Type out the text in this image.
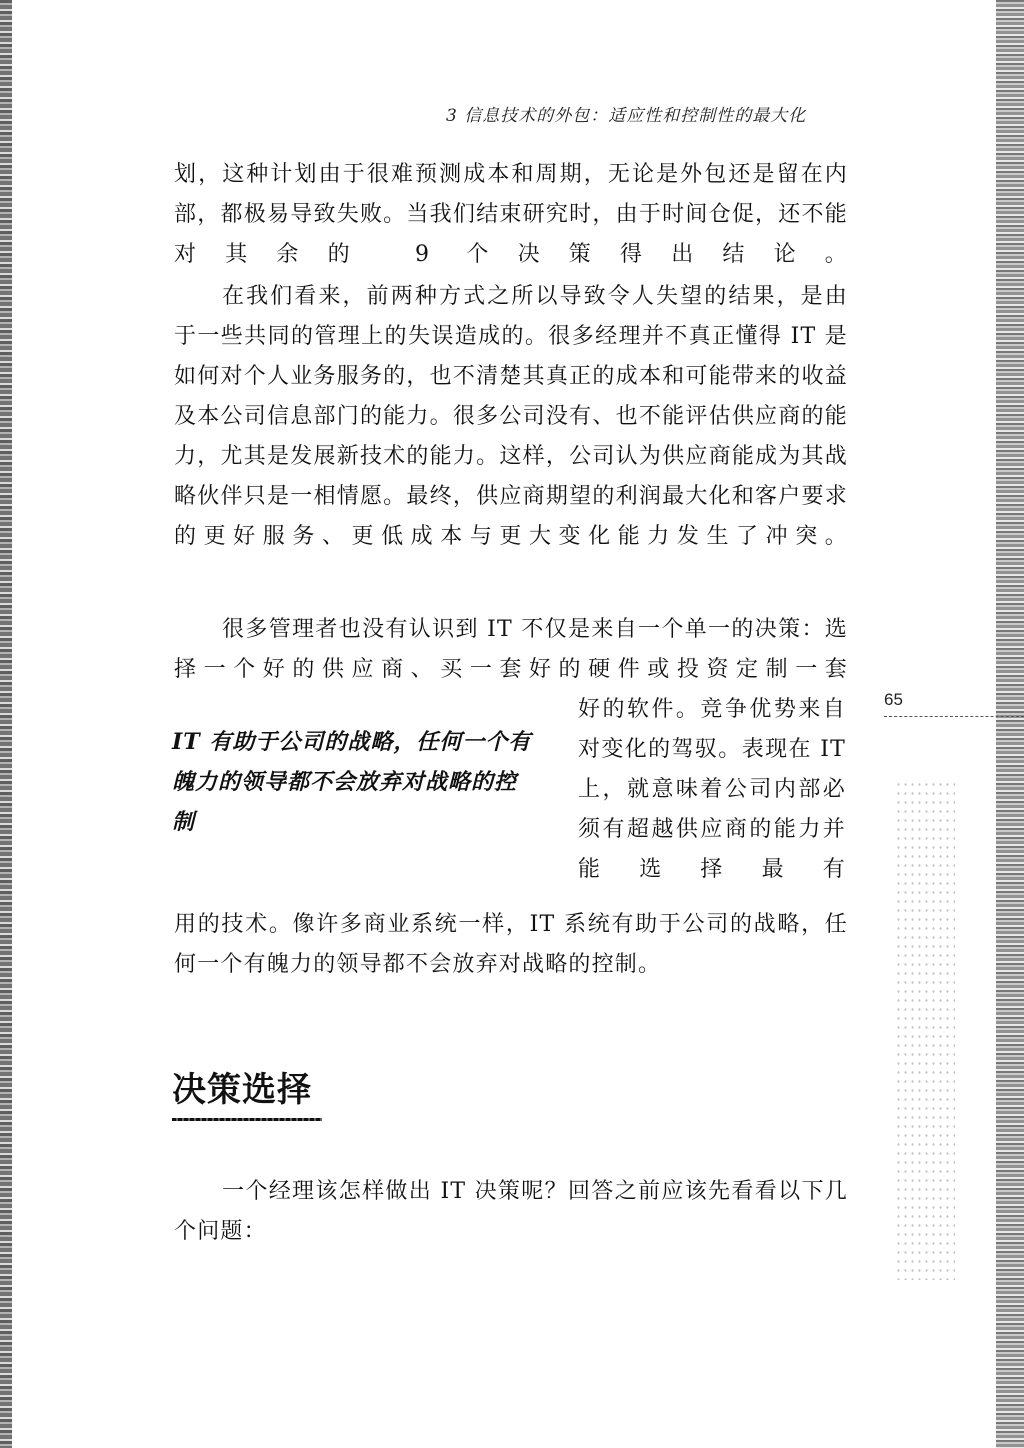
3 信息技术的外包：适应性和控制性的最大化

划，这种计划由于很难预测成本和周期，无论是外包还是留在内部，都极易导致失败。当我们结束研究时，由于时间仓促，还不能对其余的 9 个决策得出结论。

在我们看来，前两种方式之所以导致令人失望的结果，是由于一些共同的管理上的失误造成的。很多经理并不真正懂得 IT 是如何对个人业务服务的，也不清楚其真正的成本和可能带来的收益及本公司信息部门的能力。很多公司没有、也不能评估供应商的能力，尤其是发展新技术的能力。这样，公司认为供应商能成为其战略伙伴只是一相情愿。最终，供应商期望的利润最大化和客户要求的更好服务、更低成本与更大变化能力发生了冲突。

很多管理者也没有认识到 IT 不仅是来自一个单一的决策：选择一个好的供应商、买一套好的硬件或投资定制一套

好的软件。竞争优势来自对变化的驾驭。表现在 IT 上，就意味着公司内部必须有超越供应商的能力并能选择最有

IT 有助于公司的战略，任何一个有魄力的领导都不会放弃对战略的控制

65

用的技术。像许多商业系统一样，IT 系统有助于公司的战略，任何一个有魄力的领导都不会放弃对战略的控制。

决策选择

一个经理该怎样做出 IT 决策呢？回答之前应该先看看以下几个问题：
